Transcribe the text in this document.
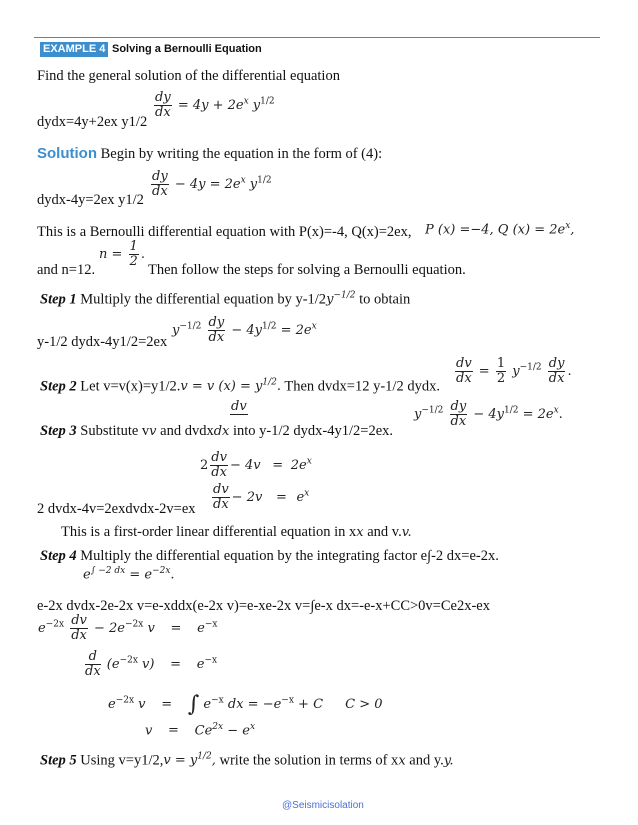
EXAMPLE 4 Solving a Bernoulli Equation
Find the general solution of the differential equation
$\frac{dy}{dx} = 4y + 2e^x$ $y^{1/2}$
dydx=4y+2ex y1/2
Solution Begin by writing the equation in the form of (4):
$\frac{dy}{dx} - 4y = 2e^x$ $y^{1/2}$
dydx-4y=2ex y1/2
This is a Bernoulli differential equation with P(x)=-4, Q(x)=2ex, P (x) =−4, Q $(x) = 2e^x$,
and n=12.
$n = \frac{1}{2}$ .
Then follow the steps for solving a Bernoulli equation.
Step 1 Multiply the differential equation by $y-1/2y^{-1/2}$ to obtain
$y^{-1/2} \frac{dy}{dx} - 4y^{1/2} = 2e^x$
y-1/2 dydx-4y1/2=2ex
Step 2 Let v=v(x)=y1/2.v = v $(x) = y^{1/2}$. Then dvdx=12 y-1/2 dydx.
$\frac{dv}{dx} = \frac{1}{2} y^{-1/2} \frac{dy}{dx}$ .
Step 3 Substitute vv and dvdxdx into y-1/2 dydx-4y1/2=2ex.
dv
$y^{-1/2} \frac{dy}{dx} - 4y^{1/2} = 2e^x$.
$2 \frac{dv}{dx} - 4v = 2e^x$
$\frac{dv}{dx} - 2v = e^x$
2 dvdx-4v=2exdvdx-2v=ex
This is a first-order linear differential equation in xx and v.v.
Step 4 Multiply the differential equation by the integrating factor e∫-2 dx=e-2x.
$e^{\int -2 dx} = e^{-2x}$.
e-2x dvdx-2e-2x v=e-xddx(e-2x v)=e-xe-2x v=∫e-x dx=-e-x+CC>0v=Ce2x-ex
$e^{-2x} \frac{dv}{dx} - 2e^{-2x}$ $v = e^{-x}$
$\frac{d}{dx} (e^{-2x}$ $v) = e^{-x}$
$e^{-2x}$ v = ∫ $e^{-x}$ dx = $-e^{-x} + C$ C > 0
$v = Ce^{2x} - e^x$
Step 5 Using $v=y1/2,v = y^{1/2}$, write the solution in terms of xx and y.y.
@Seismicisolation
